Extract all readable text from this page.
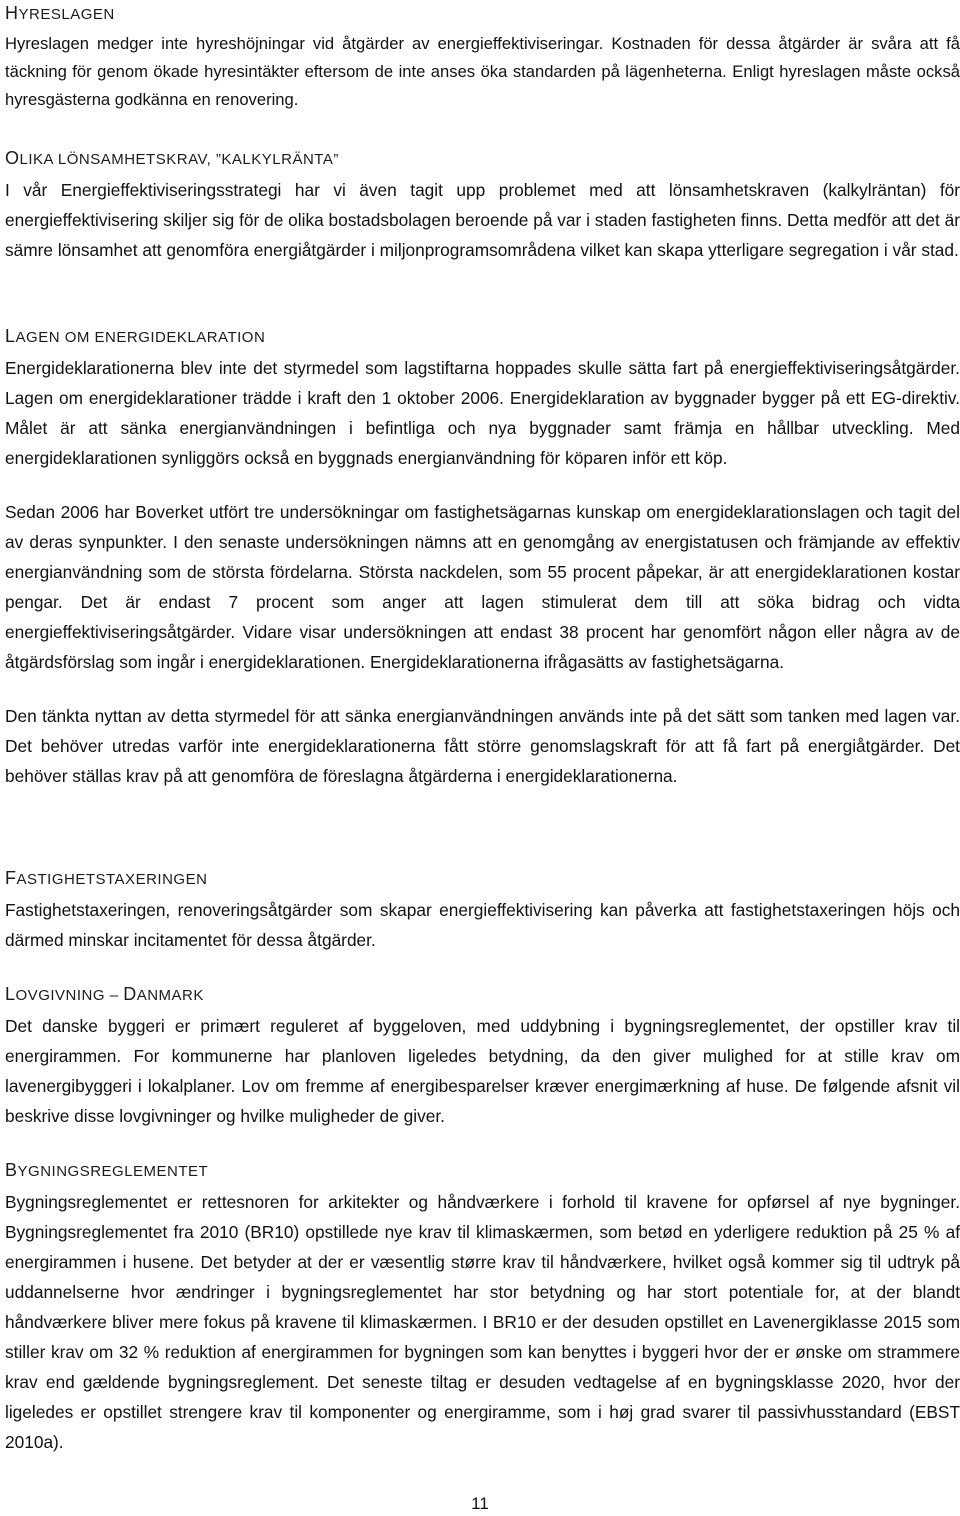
HYRESLAGEN

Hyreslagen medger inte hyreshöjningar vid åtgärder av energieffektiviseringar. Kostnaden för dessa åtgärder är svåra att få täckning för genom ökade hyresintäkter eftersom de inte anses öka standarden på lägenheterna. Enligt hyreslagen måste också hyresgästerna godkänna en renovering.

OLIKA LÖNSAMHETSKRAV, ”KALKYLRÄNTA”

I vår Energieffektiviseringsstrategi har vi även tagit upp problemet med att lönsamhetskraven (kalkylräntan) för energieffektivisering skiljer sig för de olika bostadsbolagen beroende på var i staden fastigheten finns. Detta medför att det är sämre lönsamhet att genomföra energiåtgärder i miljonprogramsområdena vilket kan skapa ytterligare segregation i vår stad.

LAGEN OM ENERGIDEKLARATION

Energideklarationerna blev inte det styrmedel som lagstiftarna hoppades skulle sätta fart på energieffektiviseringsåtgärder. Lagen om energideklarationer trädde i kraft den 1 oktober 2006. Energideklaration av byggnader bygger på ett EG-direktiv. Målet är att sänka energianvändningen i befintliga och nya byggnader samt främja en hållbar utveckling. Med energideklarationen synliggörs också en byggnads energianvändning för köparen inför ett köp.

Sedan 2006 har Boverket utfört tre undersökningar om fastighetsägarnas kunskap om energideklarationslagen och tagit del av deras synpunkter. I den senaste undersökningen nämns att en genomgång av energistatusen och främjande av effektiv energianvändning som de största fördelarna. Största nackdelen, som 55 procent påpekar, är att energideklarationen kostar pengar. Det är endast 7 procent som anger att lagen stimulerat dem till att söka bidrag och vidta energieffektiviseringsåtgärder. Vidare visar undersökningen att endast 38 procent har genomfört någon eller några av de åtgärdsförslag som ingår i energideklarationen. Energideklarationerna ifrågasätts av fastighetsägarna.

Den tänkta nyttan av detta styrmedel för att sänka energianvändningen används inte på det sätt som tanken med lagen var. Det behöver utredas varför inte energideklarationerna fått större genomslagskraft för att få fart på energiåtgärder. Det behöver ställas krav på att genomföra de föreslagna åtgärderna i energideklarationerna.

FASTIGHETSTAXERINGEN

Fastighetstaxeringen, renoveringsåtgärder som skapar energieffektivisering kan påverka att fastighetstaxeringen höjs och därmed minskar incitamentet för dessa åtgärder.

LOVGIVNING – DANMARK

Det danske byggeri er primært reguleret af byggeloven, med uddybning i bygningsreglementet, der opstiller krav til energirammen. For kommunerne har planloven ligeledes betydning, da den giver mulighed for at stille krav om lavenergibyggeri i lokalplaner. Lov om fremme af energibesparelser kræver energimærkning af huse. De følgende afsnit vil beskrive disse lovgivninger og hvilke muligheder de giver.

BYGNINGSREGLEMENTET

Bygningsreglementet er rettesnoren for arkitekter og håndværkere i forhold til kravene for opførsel af nye bygninger. Bygningsreglementet fra 2010 (BR10) opstillede nye krav til klimaskærmen, som betød en yderligere reduktion på 25 % af energirammen i husene. Det betyder at der er væsentlig større krav til håndværkere, hvilket også kommer sig til udtryk på uddannelserne hvor ændringer i bygningsreglementet har stor betydning og har stort potentiale for, at der blandt håndværkere bliver mere fokus på kravene til klimaskærmen. I BR10 er der desuden opstillet en Lavenergiklasse 2015 som stiller krav om 32 % reduktion af energirammen for bygningen som kan benyttes i byggeri hvor der er ønske om strammere krav end gældende bygningsreglement. Det seneste tiltag er desuden vedtagelse af en bygningsklasse 2020, hvor der ligeledes er opstillet strengere krav til komponenter og energiramme, som i høj grad svarer til passivhusstandard (EBST 2010a).

11
